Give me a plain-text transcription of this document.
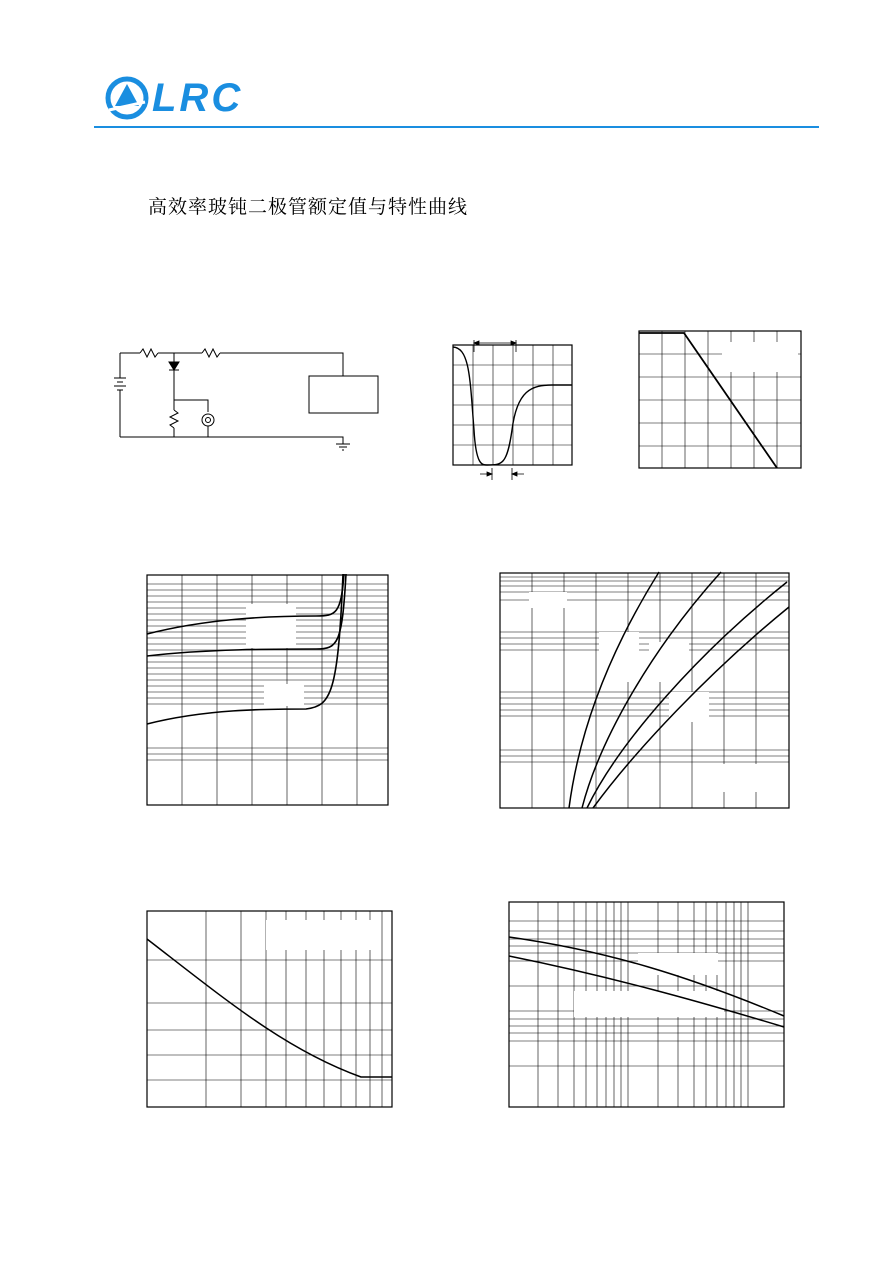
LRC
高效率玻钝二极管额定值与特性曲线
